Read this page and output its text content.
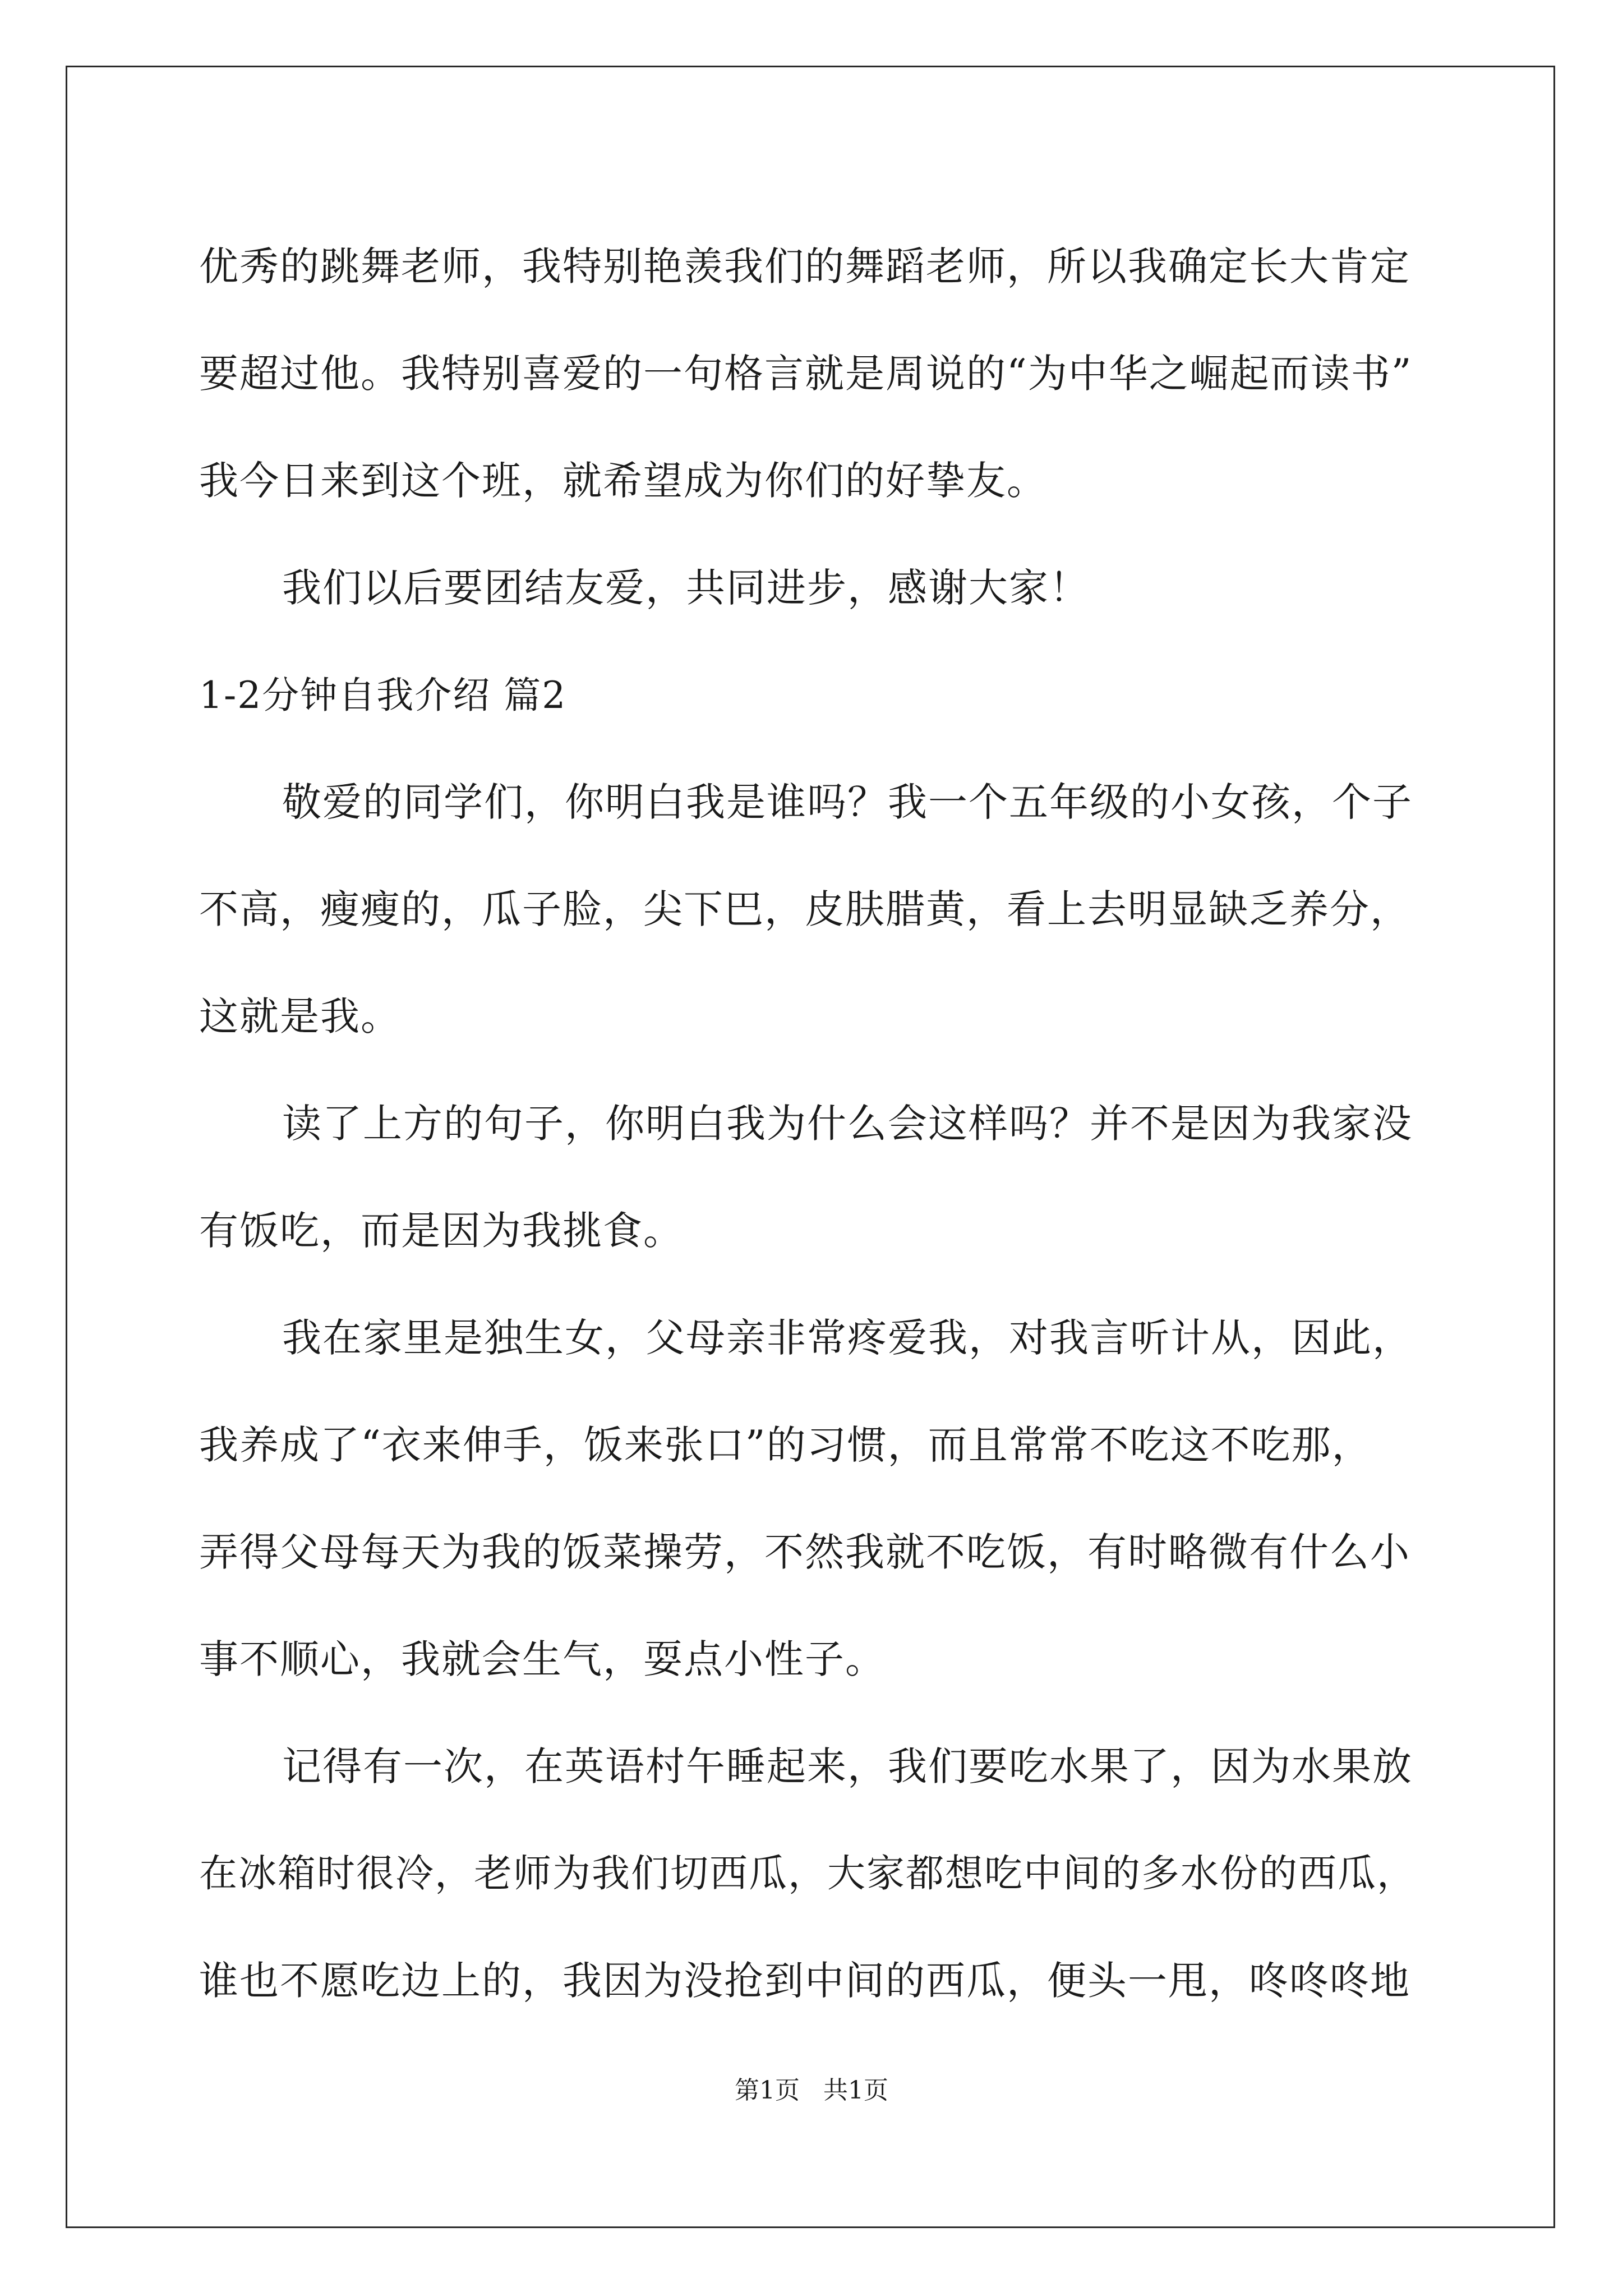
优秀的跳舞老师，我特别艳羡我们的舞蹈老师，所以我确定长大肯定
要超过他。我特别喜爱的一句格言就是周说的“为中华之崛起而读书”
我今日来到这个班，就希望成为你们的好挚友。
我们以后要团结友爱，共同进步，感谢大家！
1-2分钟自我介绍 篇2
敬爱的同学们，你明白我是谁吗？我一个五年级的小女孩，个子
不高，瘦瘦的，瓜子脸，尖下巴，皮肤腊黄，看上去明显缺乏养分，
这就是我。
读了上方的句子，你明白我为什么会这样吗？并不是因为我家没
有饭吃，而是因为我挑食。
我在家里是独生女，父母亲非常疼爱我，对我言听计从，因此，
我养成了“衣来伸手，饭来张口”的习惯，而且常常不吃这不吃那，
弄得父母每天为我的饭菜操劳，不然我就不吃饭，有时略微有什么小
事不顺心，我就会生气，耍点小性子。
记得有一次，在英语村午睡起来，我们要吃水果了，因为水果放
在冰箱时很冷，老师为我们切西瓜，大家都想吃中间的多水份的西瓜，
谁也不愿吃边上的，我因为没抢到中间的西瓜，便头一甩，咚咚咚地
第1页   共1页
